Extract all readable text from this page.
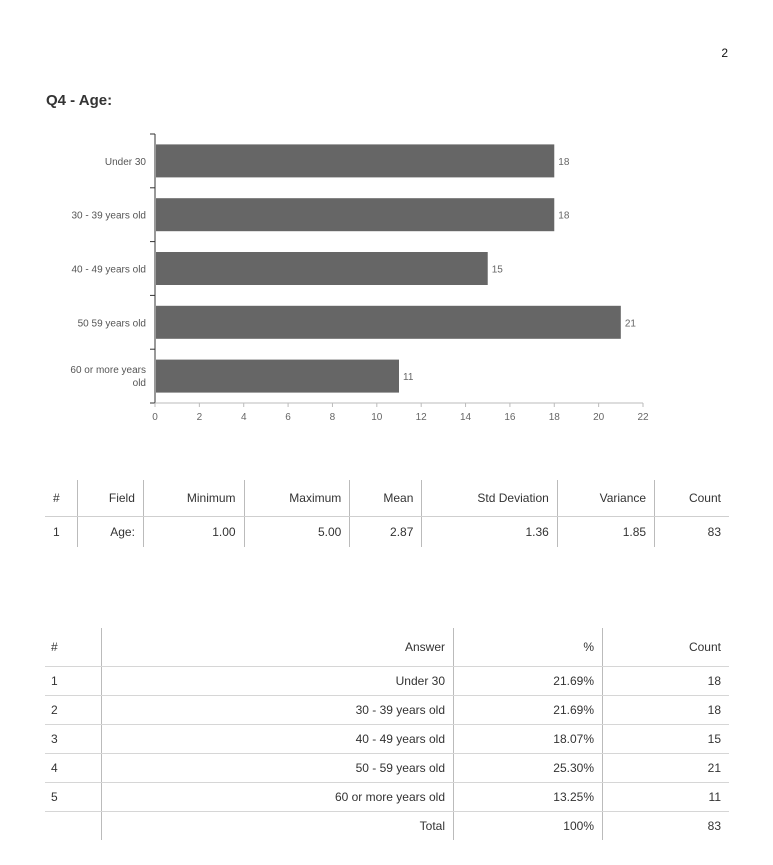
2
Q4 - Age:
0	2	4	6	8	10	12	14	16	18	20	22
18
Under 30
18
30 - 39 years old
15
40 - 49 years old
21
50 59 years old
11
60 or more years old
#	Field	Minimum	Maximum	Mean	Std Deviation	Variance	Count
1	Age:	1.00	5.00	2.87	1.36	1.85	83
#	Answer	%	Count
1	Under 30	21.69%	18
2	30 - 39 years old	21.69%	18
3	40 - 49 years old	18.07%	15
4	50 - 59 years old	25.30%	21
5	60 or more years old	13.25%	11
	Total	100%	83
